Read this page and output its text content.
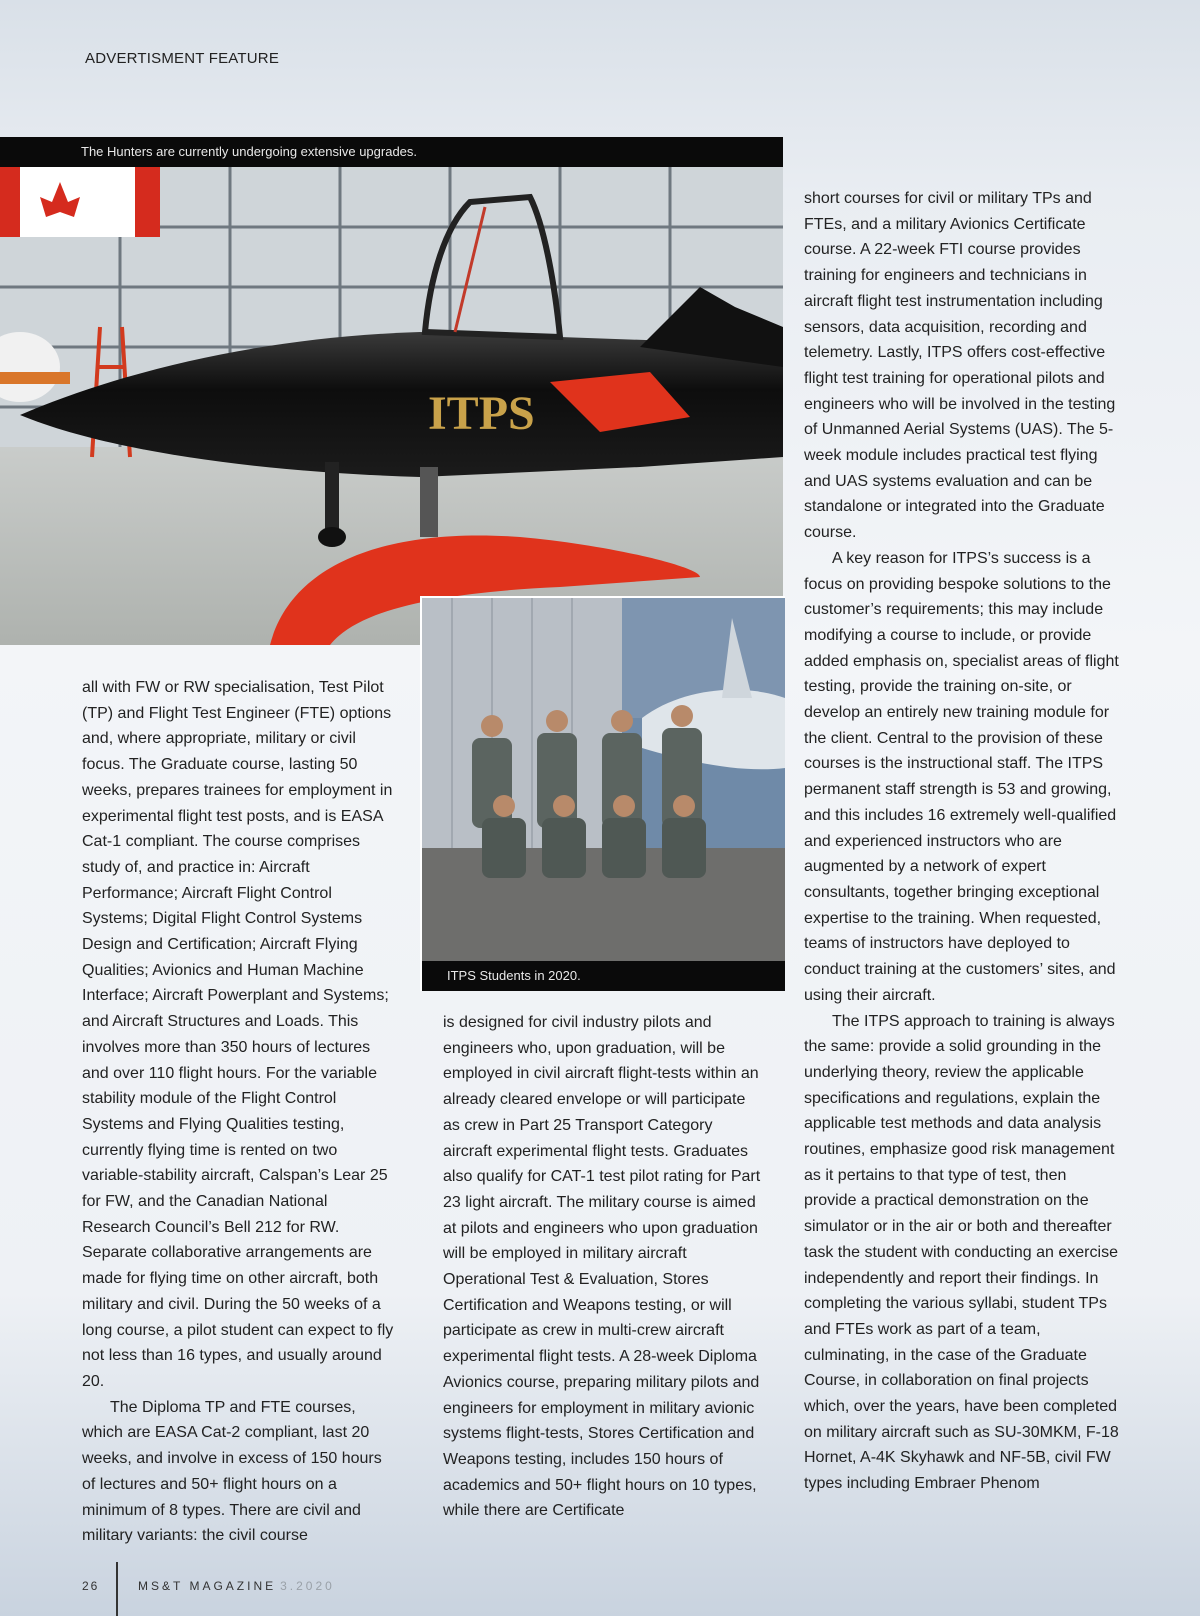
ADVERTISMENT FEATURE
The Hunters are currently undergoing extensive upgrades.
ITPS
ITPS Students in 2020.

all with FW or RW specialisation, Test Pilot (TP) and Flight Test Engineer (FTE) options and, where appropriate, military or civil focus. The Graduate course, lasting 50 weeks, prepares trainees for employment in experimental flight test posts, and is EASA Cat-1 compliant. The course comprises study of, and practice in: Aircraft Performance; Aircraft Flight Control Systems; Digital Flight Control Systems Design and Certification; Aircraft Flying Qualities; Avionics and Human Machine Interface; Aircraft Powerplant and Systems; and Aircraft Structures and Loads. This involves more than 350 hours of lectures and over 110 flight hours. For the variable stability module of the Flight Control Systems and Flying Qualities testing, currently flying time is rented on two variable-stability aircraft, Calspan’s Lear 25 for FW, and the Canadian National Research Council’s Bell 212 for RW. Separate collaborative arrangements are made for flying time on other aircraft, both military and civil. During the 50 weeks of a long course, a pilot student can expect to fly not less than 16 types, and usually around 20.

The Diploma TP and FTE courses, which are EASA Cat-2 compliant, last 20 weeks, and involve in excess of 150 hours of lectures and 50+ flight hours on a minimum of 8 types. There are civil and military variants: the civil course

is designed for civil industry pilots and engineers who, upon graduation, will be employed in civil aircraft flight-tests within an already cleared envelope or will participate as crew in Part 25 Transport Category aircraft experimental flight tests. Graduates also qualify for CAT-1 test pilot rating for Part 23 light aircraft. The military course is aimed at pilots and engineers who upon graduation will be employed in military aircraft Operational Test & Evaluation, Stores Certification and Weapons testing, or will participate as crew in multi-crew aircraft experimental flight tests. A 28-week Diploma Avionics course, preparing military pilots and engineers for employment in military avionic systems flight-tests, Stores Certification and Weapons testing, includes 150 hours of academics and 50+ flight hours on 10 types, while there are Certificate

short courses for civil or military TPs and FTEs, and a military Avionics Certificate course. A 22-week FTI course provides training for engineers and technicians in aircraft flight test instrumentation including sensors, data acquisition, recording and telemetry. Lastly, ITPS offers cost-effective flight test training for operational pilots and engineers who will be involved in the testing of Unmanned Aerial Systems (UAS). The 5-week module includes practical test flying and UAS systems evaluation and can be standalone or integrated into the Graduate course.

A key reason for ITPS’s success is a focus on providing bespoke solutions to the customer’s requirements; this may include modifying a course to include, or provide added emphasis on, specialist areas of flight testing, provide the training on-site, or develop an entirely new training module for the client. Central to the provision of these courses is the instructional staff. The ITPS permanent staff strength is 53 and growing, and this includes 16 extremely well-qualified and experienced instructors who are augmented by a network of expert consultants, together bringing exceptional expertise to the training. When requested, teams of instructors have deployed to conduct training at the customers’ sites, and using their aircraft.

The ITPS approach to training is always the same: provide a solid grounding in the underlying theory, review the applicable specifications and regulations, explain the applicable test methods and data analysis routines, emphasize good risk management as it pertains to that type of test, then provide a practical demonstration on the simulator or in the air or both and thereafter task the student with conducting an exercise independently and report their findings. In completing the various syllabi, student TPs and FTEs work as part of a team, culminating, in the case of the Graduate Course, in collaboration on final projects which, over the years, have been completed on military aircraft such as SU-30MKM, F-18 Hornet, A-4K Skyhawk and NF-5B, civil FW types including Embraer Phenom

26	MS&T MAGAZINE 3.2020
